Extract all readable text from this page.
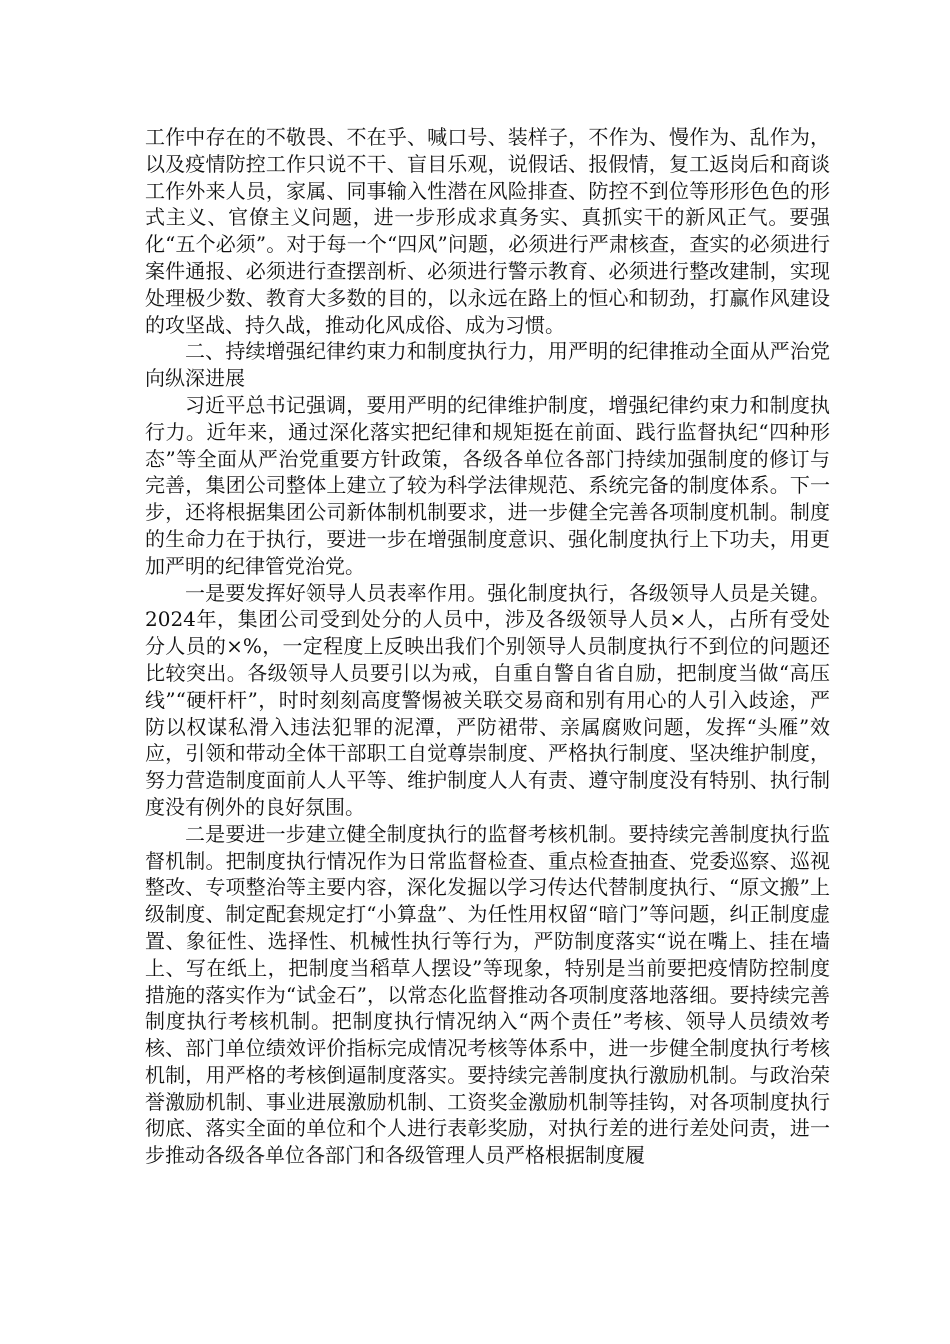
工作中存在的不敬畏、不在乎、喊口号、装样子，不作为、慢作为、乱作为，以及疫情防控工作只说不干、盲目乐观，说假话、报假情，复工返岗后和商谈工作外来人员，家属、同事输入性潜在风险排查、防控不到位等形形色色的形式主义、官僚主义问题，进一步形成求真务实、真抓实干的新风正气。要强化“五个必须”。对于每一个“四风”问题，必须进行严肃核查，查实的必须进行案件通报、必须进行查摆剖析、必须进行警示教育、必须进行整改建制，实现处理极少数、教育大多数的目的，以永远在路上的恒心和韧劲，打赢作风建设的攻坚战、持久战，推动化风成俗、成为习惯。

二、持续增强纪律约束力和制度执行力，用严明的纪律推动全面从严治党向纵深进展

习近平总书记强调，要用严明的纪律维护制度，增强纪律约束力和制度执行力。近年来，通过深化落实把纪律和规矩挺在前面、践行监督执纪“四种形态”等全面从严治党重要方针政策，各级各单位各部门持续加强制度的修订与完善，集团公司整体上建立了较为科学法律规范、系统完备的制度体系。下一步，还将根据集团公司新体制机制要求，进一步健全完善各项制度机制。制度的生命力在于执行，要进一步在增强制度意识、强化制度执行上下功夫，用更加严明的纪律管党治党。

一是要发挥好领导人员表率作用。强化制度执行，各级领导人员是关键。2024年，集团公司受到处分的人员中，涉及各级领导人员×人，占所有受处分人员的×%，一定程度上反映出我们个别领导人员制度执行不到位的问题还比较突出。各级领导人员要引以为戒，自重自警自省自励，把制度当做“高压线”“硬杆杆”，时时刻刻高度警惕被关联交易商和别有用心的人引入歧途，严防以权谋私滑入违法犯罪的泥潭，严防裙带、亲属腐败问题，发挥“头雁”效应，引领和带动全体干部职工自觉尊崇制度、严格执行制度、坚决维护制度，努力营造制度面前人人平等、维护制度人人有责、遵守制度没有特别、执行制度没有例外的良好氛围。

二是要进一步建立健全制度执行的监督考核机制。要持续完善制度执行监督机制。把制度执行情况作为日常监督检查、重点检查抽查、党委巡察、巡视整改、专项整治等主要内容，深化发掘以学习传达代替制度执行、“原文搬”上级制度、制定配套规定打“小算盘”、为任性用权留“暗门”等问题，纠正制度虚置、象征性、选择性、机械性执行等行为，严防制度落实“说在嘴上、挂在墙上、写在纸上，把制度当稻草人摆设”等现象，特别是当前要把疫情防控制度措施的落实作为“试金石”，以常态化监督推动各项制度落地落细。要持续完善制度执行考核机制。把制度执行情况纳入“两个责任”考核、领导人员绩效考核、部门单位绩效评价指标完成情况考核等体系中，进一步健全制度执行考核机制，用严格的考核倒逼制度落实。要持续完善制度执行激励机制。与政治荣誉激励机制、事业进展激励机制、工资奖金激励机制等挂钩，对各项制度执行彻底、落实全面的单位和个人进行表彰奖励，对执行差的进行差处问责，进一步推动各级各单位各部门和各级管理人员严格根据制度履
